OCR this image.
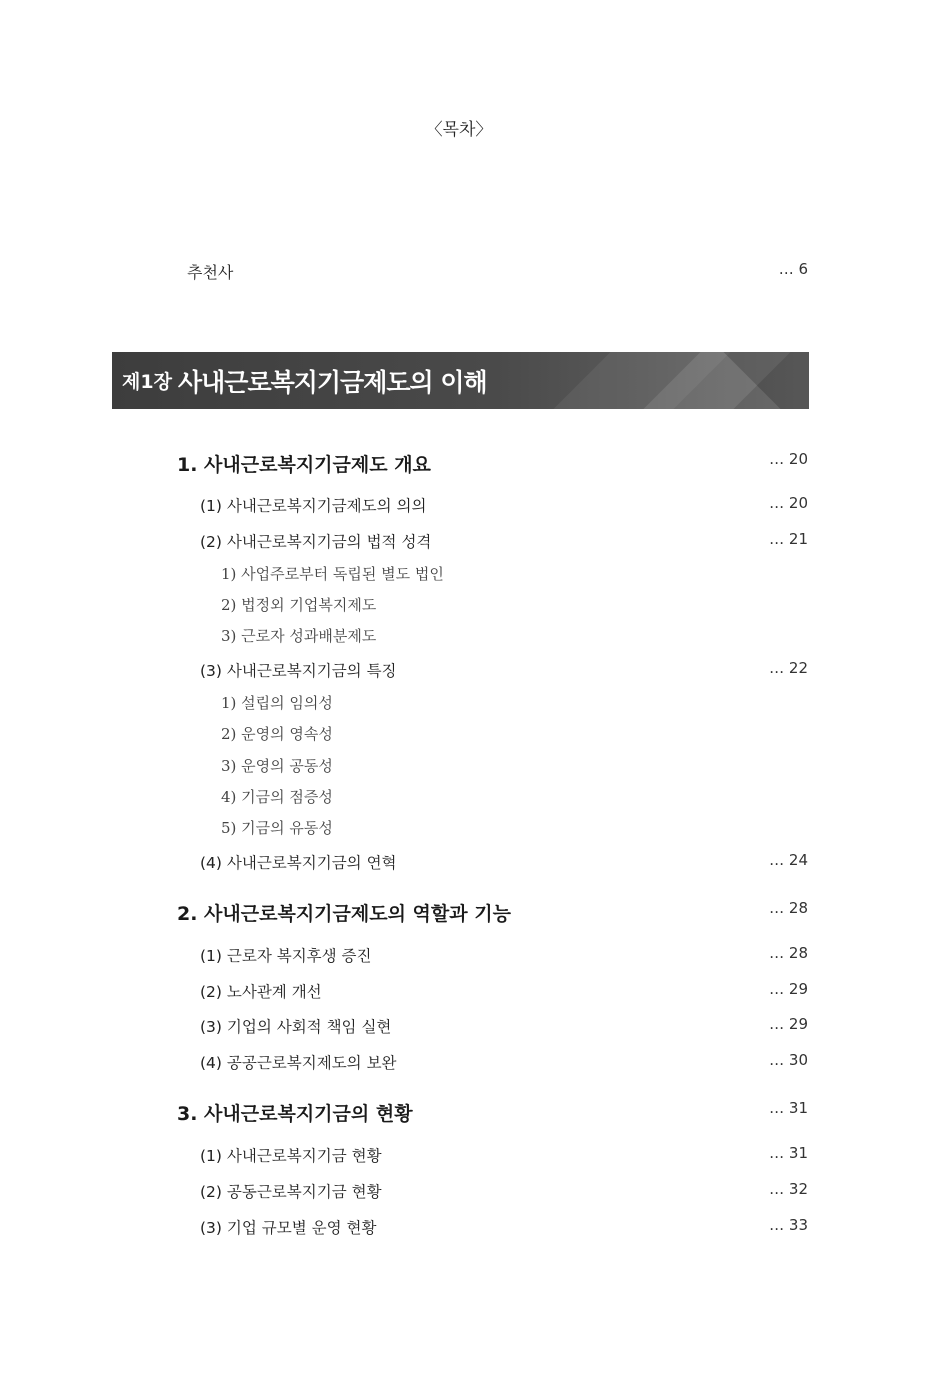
〈목차〉
추천사	… 6
제1장 사내근로복지기금제도의 이해
1. 사내근로복지기금제도 개요	… 20
(1) 사내근로복지기금제도의 의의	… 20
(2) 사내근로복지기금의 법적 성격	… 21
1) 사업주로부터 독립된 별도 법인
2) 법정외 기업복지제도
3) 근로자 성과배분제도
(3) 사내근로복지기금의 특징	… 22
1) 설립의 임의성
2) 운영의 영속성
3) 운영의 공동성
4) 기금의 점증성
5) 기금의 유동성
(4) 사내근로복지기금의 연혁	… 24
2. 사내근로복지기금제도의 역할과 기능	… 28
(1) 근로자 복지후생 증진	… 28
(2) 노사관계 개선	… 29
(3) 기업의 사회적 책임 실현	… 29
(4) 공공근로복지제도의 보완	… 30
3. 사내근로복지기금의 현황	… 31
(1) 사내근로복지기금 현황	… 31
(2) 공동근로복지기금 현황	… 32
(3) 기업 규모별 운영 현황	… 33
